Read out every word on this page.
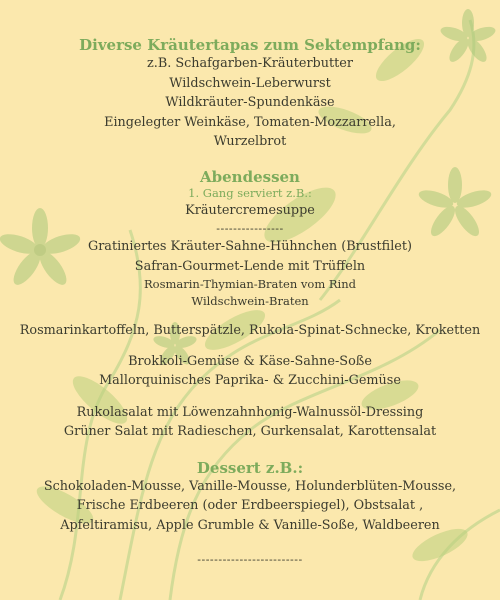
Diverse Kräutertapas zum Sektempfang:
z.B. Schafgarben-Kräuterbutter
Wildschwein-Leberwurst
Wildkräuter-Spundenkäse
Eingelegter Weinkäse, Tomaten-Mozzarrella,
Wurzelbrot
Abendessen
1. Gang serviert z.B.:
Kräutercremesuppe
----------------
Gratiniertes Kräuter-Sahne-Hühnchen (Brustfilet)
Safran-Gourmet-Lende mit Trüffeln
Rosmarin-Thymian-Braten vom Rind
Wildschwein-Braten
Rosmarinkartoffeln, Butterspätzle, Rukola-Spinat-Schnecke, Kroketten
Brokkoli-Gemüse & Käse-Sahne-Soße
Mallorquinisches Paprika- & Zucchini-Gemüse
Rukolasalat mit Löwenzahnhonig-Walnussöl-Dressing
Grüner Salat mit Radieschen, Gurkensalat, Karottensalat
Dessert z.B.:
Schokoladen-Mousse, Vanille-Mousse, Holunderblüten-Mousse,
Frische Erdbeeren (oder Erdbeerspiegel), Obstsalat ,
Apfeltiramisu, Apple Grumble & Vanille-Soße, Waldbeeren
-------------------------
